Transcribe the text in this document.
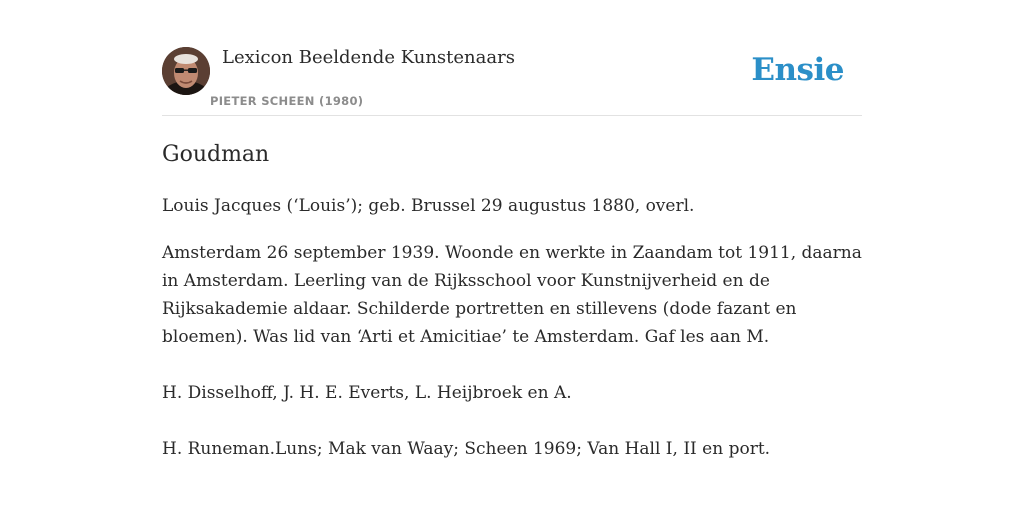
Lexicon Beeldende Kunstenaars
PIETER SCHEEN (1980)
Ensie
Goudman

Louis Jacques (‘Louis’); geb. Brussel 29 augustus 1880, overl.

Amsterdam 26 september 1939. Woonde en werkte in Zaandam tot 1911, daarna in Amsterdam. Leerling van de Rijksschool voor Kunstnijverheid en de Rijksakademie aldaar. Schilderde portretten en stillevens (dode fazant en bloemen). Was lid van ‘Arti et Amicitiae’ te Amsterdam. Gaf les aan M.

H. Disselhoff, J. H. E. Everts, L. Heijbroek en A.

H. Runeman.Luns; Mak van Waay; Scheen 1969; Van Hall I, II en port.
